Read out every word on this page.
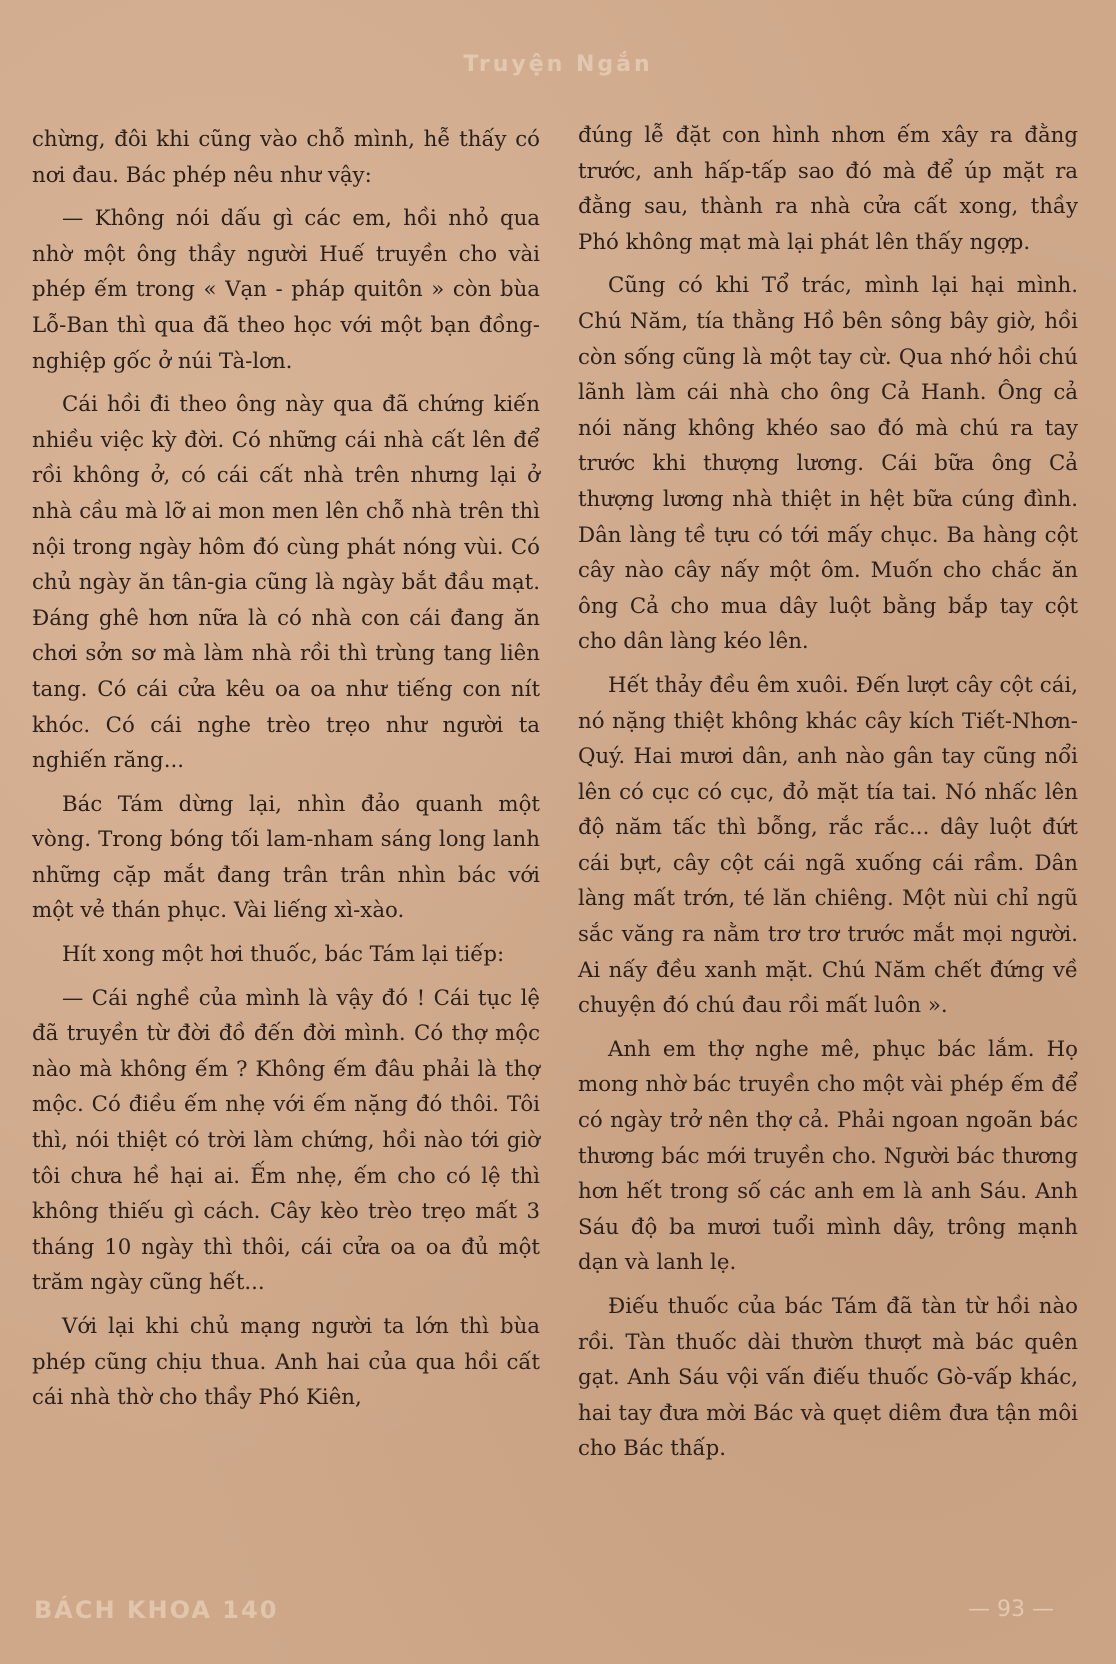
Truyện Ngắn

chừng, đôi khi cũng vào chỗ mình, hễ thấy có nơi đau. Bác phép nêu như vậy:

— Không nói dấu gì các em, hồi nhỏ qua nhờ một ông thầy người Huế truyền cho vài phép ếm trong « Vạn - pháp quitôn » còn bùa Lỗ-Ban thì qua đã theo học với một bạn đồng-nghiệp gốc ở núi Tà-lơn.

Cái hồi đi theo ông này qua đã chứng kiến nhiều việc kỳ đời. Có những cái nhà cất lên để rồi không ở, có cái cất nhà trên nhưng lại ở nhà cầu mà lỡ ai mon men lên chỗ nhà trên thì nội trong ngày hôm đó cùng phát nóng vùi. Có chủ ngày ăn tân-gia cũng là ngày bắt đầu mạt. Đáng ghê hơn nữa là có nhà con cái đang ăn chơi sởn sơ mà làm nhà rồi thì trùng tang liên tang. Có cái cửa kêu oa oa như tiếng con nít khóc. Có cái nghe trèo trẹo như người ta nghiến răng...

Bác Tám dừng lại, nhìn đảo quanh một vòng. Trong bóng tối lam-nham sáng long lanh những cặp mắt đang trân trân nhìn bác với một vẻ thán phục. Vài liếng xì-xào.

Hít xong một hơi thuốc, bác Tám lại tiếp:

— Cái nghề của mình là vậy đó ! Cái tục lệ đã truyền từ đời đồ đến đời mình. Có thợ mộc nào mà không ếm ? Không ếm đâu phải là thợ mộc. Có điều ếm nhẹ với ếm nặng đó thôi. Tôi thì, nói thiệt có trời làm chứng, hồi nào tới giờ tôi chưa hề hại ai. Ếm nhẹ, ếm cho có lệ thì không thiếu gì cách. Cây kèo trèo trẹo mất 3 tháng 10 ngày thì thôi, cái cửa oa oa đủ một trăm ngày cũng hết...

Với lại khi chủ mạng người ta lớn thì bùa phép cũng chịu thua. Anh hai của qua hồi cất cái nhà thờ cho thầy Phó Kiên,

đúng lễ đặt con hình nhơn ếm xây ra đằng trước, anh hấp-tấp sao đó mà để úp mặt ra đằng sau, thành ra nhà cửa cất xong, thầy Phó không mạt mà lại phát lên thấy ngợp.

Cũng có khi Tổ trác, mình lại hại mình. Chú Năm, tía thằng Hồ bên sông bây giờ, hồi còn sống cũng là một tay cừ. Qua nhớ hồi chú lãnh làm cái nhà cho ông Cả Hanh. Ông cả nói năng không khéo sao đó mà chú ra tay trước khi thượng lương. Cái bữa ông Cả thượng lương nhà thiệt in hệt bữa cúng đình. Dân làng tề tựu có tới mấy chục. Ba hàng cột cây nào cây nấy một ôm. Muốn cho chắc ăn ông Cả cho mua dây luột bằng bắp tay cột cho dân làng kéo lên.

Hết thảy đều êm xuôi. Đến lượt cây cột cái, nó nặng thiệt không khác cây kích Tiết-Nhơn-Quý. Hai mươi dân, anh nào gân tay cũng nổi lên có cục có cục, đỏ mặt tía tai. Nó nhấc lên độ năm tấc thì bỗng, rắc rắc... dây luột đứt cái bựt, cây cột cái ngã xuống cái rầm. Dân làng mất trớn, té lăn chiêng. Một nùi chỉ ngũ sắc văng ra nằm trơ trơ trước mắt mọi người. Ai nấy đều xanh mặt. Chú Năm chết đứng về chuyện đó chú đau rồi mất luôn ».

Anh em thợ nghe mê, phục bác lắm. Họ mong nhờ bác truyền cho một vài phép ếm để có ngày trở nên thợ cả. Phải ngoan ngoãn bác thương bác mới truyền cho. Người bác thương hơn hết trong số các anh em là anh Sáu. Anh Sáu độ ba mươi tuổi mình dây, trông mạnh dạn và lanh lẹ.

Điếu thuốc của bác Tám đã tàn từ hồi nào rồi. Tàn thuốc dài thườn thượt mà bác quên gạt. Anh Sáu vội vấn điếu thuốc Gò-vấp khác, hai tay đưa mời Bác và quẹt diêm đưa tận môi cho Bác thấp.

BÁCH KHOA 140	— 93 —
